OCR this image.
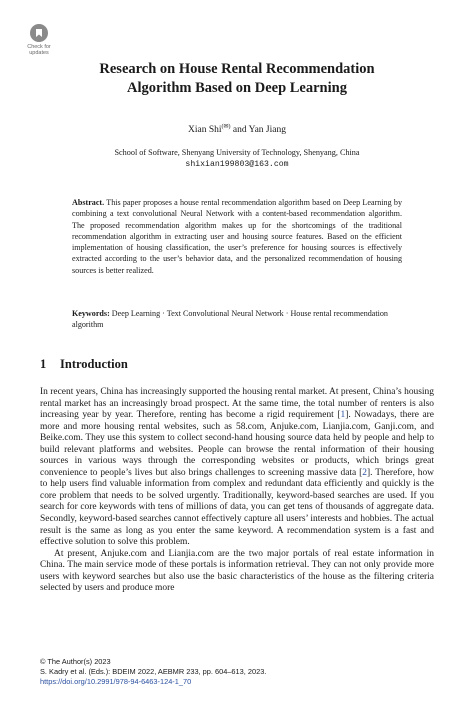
Check for
updates
Research on House Rental Recommendation
Algorithm Based on Deep Learning
Xian Shi(✉) and Yan Jiang
School of Software, Shenyang University of Technology, Shenyang, China
shixian199803@163.com
Abstract. This paper proposes a house rental recommendation algorithm based on Deep Learning by combining a text convolutional Neural Network with a content-based recommendation algorithm. The proposed recommendation algorithm makes up for the shortcomings of the traditional recommendation algorithm in extracting user and housing source features. Based on the efficient implementation of housing classification, the user’s preference for housing sources is effectively extracted according to the user’s behavior data, and the personalized recommendation of housing sources is better realized.
Keywords: Deep Learning · Text Convolutional Neural Network · House rental recommendation algorithm
1 Introduction

In recent years, China has increasingly supported the housing rental market. At present, China’s housing rental market has an increasingly broad prospect. At the same time, the total number of renters is also increasing year by year. Therefore, renting has become a rigid requirement [1]. Nowadays, there are more and more housing rental websites, such as 58.com, Anjuke.com, Lianjia.com, Ganji.com, and Beike.com. They use this system to collect second-hand housing source data held by people and help to build relevant platforms and websites. People can browse the rental information of their housing sources in various ways through the corresponding websites or products, which brings great convenience to people’s lives but also brings challenges to screening massive data [2]. Therefore, how to help users find valuable information from complex and redundant data efficiently and quickly is the core problem that needs to be solved urgently. Traditionally, keyword-based searches are used. If you search for core keywords with tens of millions of data, you can get tens of thousands of aggregate data. Secondly, keyword-based searches cannot effectively capture all users’ interests and hobbies. The actual result is the same as long as you enter the same keyword. A recommendation system is a fast and effective solution to solve this problem.

At present, Anjuke.com and Lianjia.com are the two major portals of real estate information in China. The main service mode of these portals is information retrieval. They can not only provide more users with keyword searches but also use the basic characteristics of the house as the filtering criteria selected by users and produce more

© The Author(s) 2023
S. Kadry et al. (Eds.): BDEIM 2022, AEBMR 233, pp. 604–613, 2023.
https://doi.org/10.2991/978-94-6463-124-1_70
